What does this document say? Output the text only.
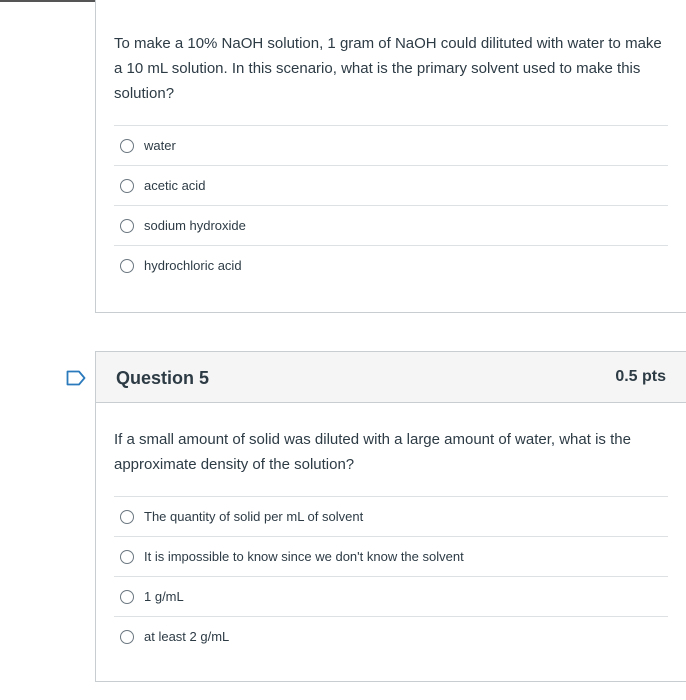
To make a 10% NaOH solution, 1 gram of NaOH could dilituted with water to make a 10 mL solution. In this scenario, what is the primary solvent used to make this solution?
water
acetic acid
sodium hydroxide
hydrochloric acid
Question 5	0.5 pts
If a small amount of solid was diluted with a large amount of water, what is the approximate density of the solution?
The quantity of solid per mL of solvent
It is impossible to know since we don't know the solvent
1 g/mL
at least 2 g/mL
